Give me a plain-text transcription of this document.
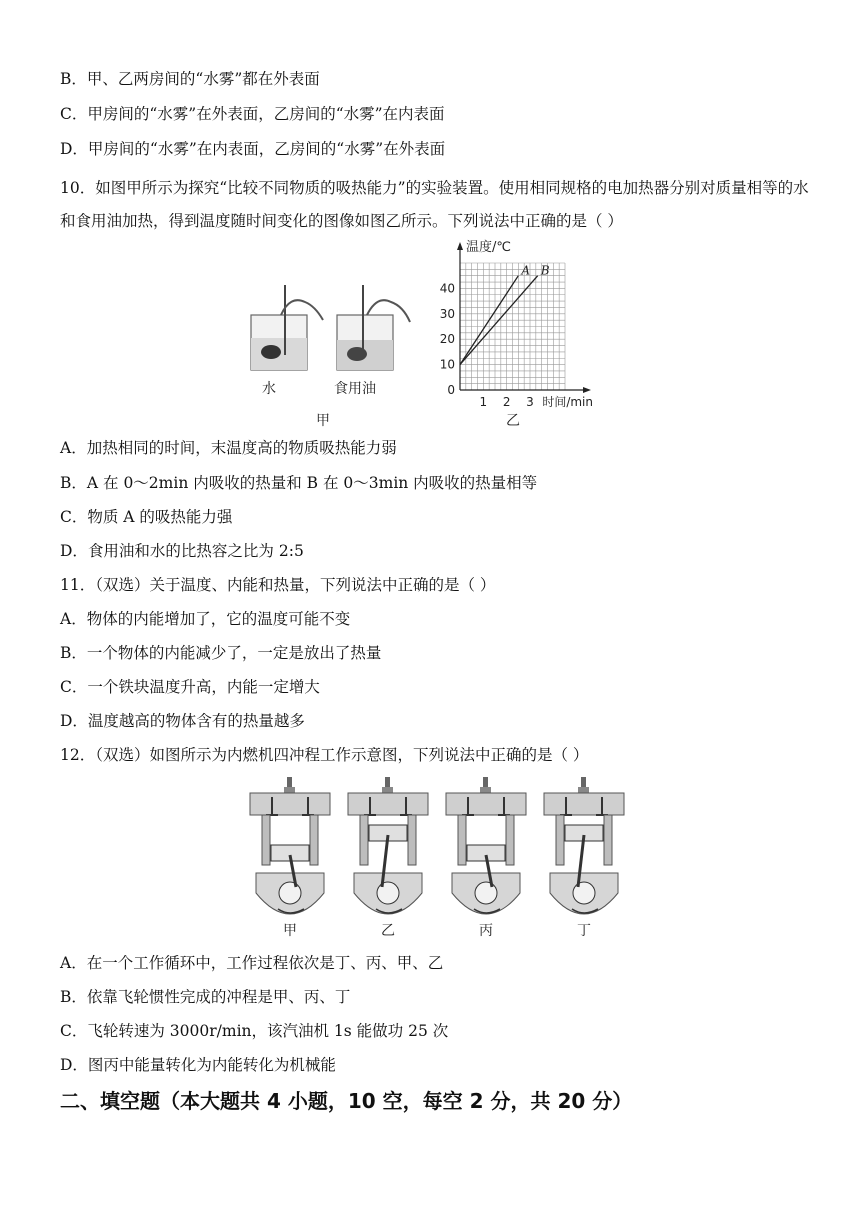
B．甲、乙两房间的“水雾”都在外表面
C．甲房间的“水雾”在外表面，乙房间的“水雾”在内表面
D．甲房间的“水雾”在内表面，乙房间的“水雾”在外表面
10．如图甲所示为探究“比较不同物质的吸热能力”的实验装置。使用相同规格的电加热器分别对质量相等的水和食用油加热，得到温度随时间变化的图像如图乙所示。下列说法中正确的是（ ）
水	食用油
甲
温度/℃
时间/min
0
10
20
30
40
1 2 3
A B
乙
A．加热相同的时间，末温度高的物质吸热能力弱
B．A 在 0～2min 内吸收的热量和 B 在 0～3min 内吸收的热量相等
C．物质 A 的吸热能力强
D．食用油和水的比热容之比为 2:5
11．（双选）关于温度、内能和热量，下列说法中正确的是（ ）
A．物体的内能增加了，它的温度可能不变
B．一个物体的内能减少了，一定是放出了热量
C．一个铁块温度升高，内能一定增大
D．温度越高的物体含有的热量越多
12．（双选）如图所示为内燃机四冲程工作示意图，下列说法中正确的是（ ）
甲	乙	丙	丁
A．在一个工作循环中，工作过程依次是丁、丙、甲、乙
B．依靠飞轮惯性完成的冲程是甲、丙、丁
C．飞轮转速为 3000r/min，该汽油机 1s 能做功 25 次
D．图丙中能量转化为内能转化为机械能
二、填空题（本大题共 4 小题，10 空，每空 2 分，共 20 分）
